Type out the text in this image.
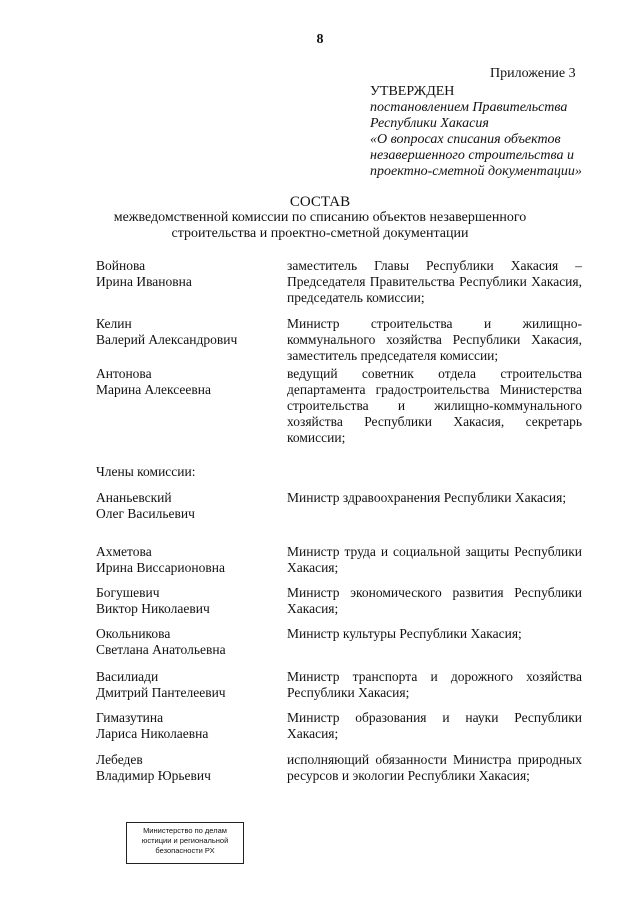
8
Приложение 3
УТВЕРЖДЕН
постановлением Правительства
Республики Хакасия
«О вопросах списания объектов
незавершенного строительства и
проектно-сметной документации»
СОСТАВ
межведомственной комиссии по списанию объектов незавершенного
строительства и проектно-сметной документации
Войнова
Ирина Ивановна
заместитель Главы Республики Хакасия – Председателя Правительства Республики Хакасия, председатель комиссии;
Келин
Валерий Александрович
Министр строительства и жилищно-коммунального хозяйства Республики Хакасия, заместитель председателя комиссии;
Антонова
Марина Алексеевна
ведущий советник отдела строительства департамента градостроительства Министерства строительства и жилищно-коммунального хозяйства Республики Хакасия, секретарь комиссии;
Члены комиссии:
Ананьевский
Олег Васильевич
Министр здравоохранения Республики Хакасия;
Ахметова
Ирина Виссарионовна
Министр труда и социальной защиты Республики Хакасия;
Богушевич
Виктор Николаевич
Министр экономического развития Республики Хакасия;
Окольникова
Светлана Анатольевна
Министр культуры Республики Хакасия;
Василиади
Дмитрий Пантелеевич
Министр транспорта и дорожного хозяйства Республики Хакасия;
Гимазутина
Лариса Николаевна
Министр образования и науки Республики Хакасия;
Лебедев
Владимир Юрьевич
исполняющий обязанности Министра природных ресурсов и экологии Республики Хакасия;
Министерство по делам
юстиции и региональной
безопасности РХ
